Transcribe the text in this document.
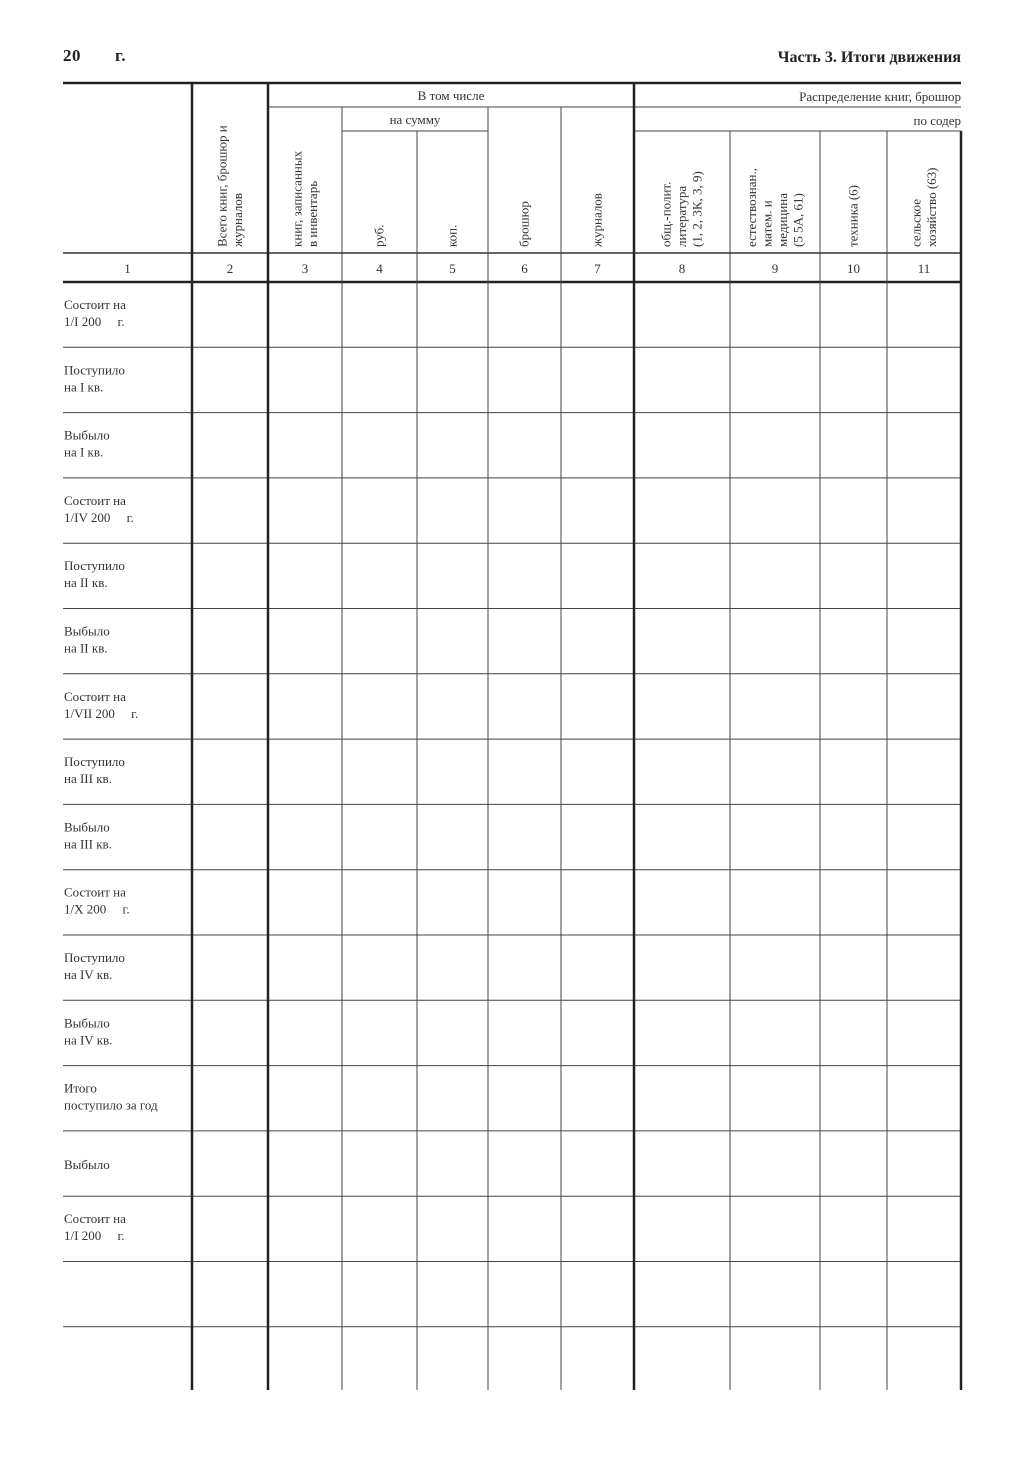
20 г.	Часть 3. Итоги движения
В том числе
на сумму
Распределение книг, брошюр
по содер
1	2
Всего книг, брошюр и журналов
3
книг, записанных в инвентарь
4
руб.
5
коп.
6
брошюр
7
журналов
8
общ.-полит. литература (1, 2, 3К, 3, 9)
9
естествознан., матем. и медицина (5 5А, 61)
10
техника (6)
11
сельское хозяйство (63)
Состоит на
1/I 200     г.
Поступило
на I кв.
Выбыло
на I кв.
Состоит на
1/IV 200     г.
Поступило
на II кв.
Выбыло
на II кв.
Состоит на
1/VII 200     г.
Поступило
на III кв.
Выбыло
на III кв.
Состоит на
1/X 200     г.
Поступило
на IV кв.
Выбыло
на IV кв.
Итого
поступило за год
Выбыло
Состоит на
1/I 200     г.
